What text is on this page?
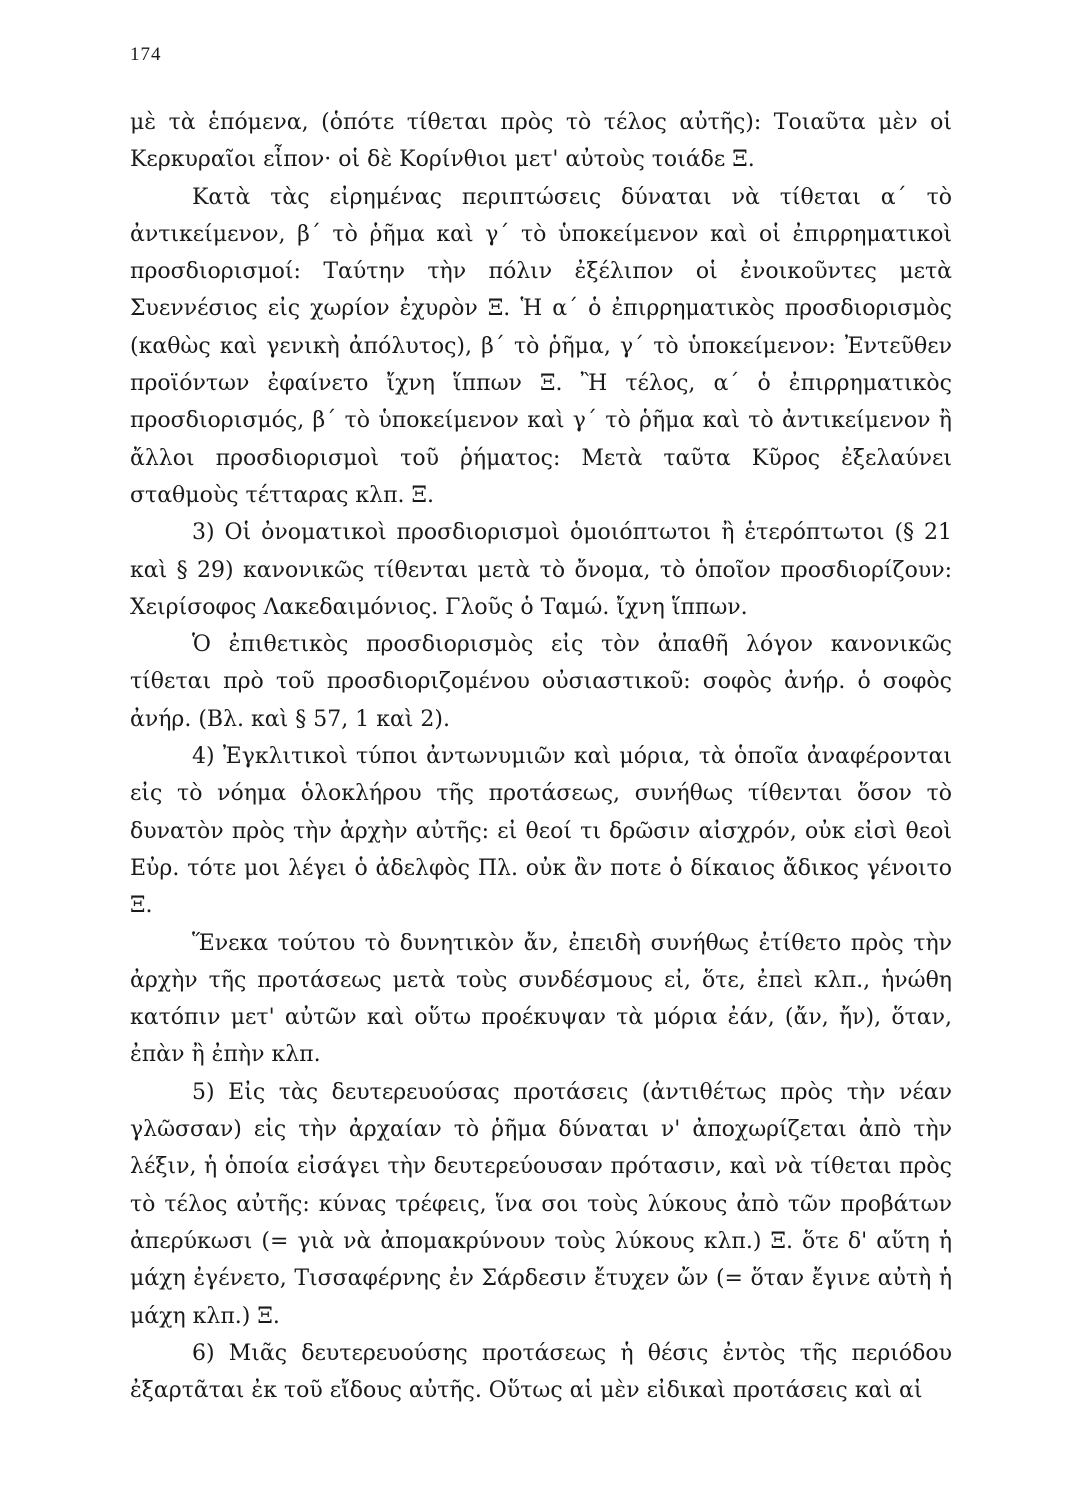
174

μὲ τὰ ἑπόμενα, (ὁπότε τίθεται πρὸς τὸ τέλος αὐτῆς): Τοιαῦτα μὲν οἱ Κερκυραῖοι εἶπον· οἱ δὲ Κορίνθιοι μετ' αὐτοὺς τοιάδε Ξ.

Κατὰ τὰς εἰρημένας περιπτώσεις δύναται νὰ τίθεται α΄ τὸ ἀντικείμενον, β΄ τὸ ῥῆμα καὶ γ΄ τὸ ὑποκείμενον καὶ οἱ ἐπιρρηματικοὶ προσδιορισμοί: Ταύτην τὴν πόλιν ἐξέλιπον οἱ ἐνοικοῦντες μετὰ Συεννέσιος εἰς χωρίον ἐχυρὸν Ξ. Ἡ α΄ ὁ ἐπιρρηματικὸς προσδιορισμὸς (καθὼς καὶ γενικὴ ἀπόλυτος), β΄ τὸ ῥῆμα, γ΄ τὸ ὑποκείμενον: Ἐντεῦθεν προϊόντων ἐφαίνετο ἴχνη ἵππων Ξ. Ἢ τέλος, α΄ ὁ ἐπιρρηματικὸς προσδιορισμός, β΄ τὸ ὑποκείμενον καὶ γ΄ τὸ ῥῆμα καὶ τὸ ἀντικείμενον ἢ ἄλλοι προσδιορισμοὶ τοῦ ῥήματος: Μετὰ ταῦτα Κῦρος ἐξελαύνει σταθμοὺς τέτταρας κλπ. Ξ.

3) Οἱ ὀνοματικοὶ προσδιορισμοὶ ὁμοιόπτωτοι ἢ ἑτερόπτωτοι (§ 21 καὶ § 29) κανονικῶς τίθενται μετὰ τὸ ὄνομα, τὸ ὁποῖον προσδιορίζουν: Χειρίσοφος Λακεδαιμόνιος. Γλοῦς ὁ Ταμώ. ἴχνη ἵππων.

Ὁ ἐπιθετικὸς προσδιορισμὸς εἰς τὸν ἀπαθῆ λόγον κανονικῶς τίθεται πρὸ τοῦ προσδιοριζομένου οὐσιαστικοῦ: σοφὸς ἀνήρ. ὁ σοφὸς ἀνήρ. (Βλ. καὶ § 57, 1 καὶ 2).

4) Ἐγκλιτικοὶ τύποι ἀντωνυμιῶν καὶ μόρια, τὰ ὁποῖα ἀναφέρονται εἰς τὸ νόημα ὁλοκλήρου τῆς προτάσεως, συνήθως τίθενται ὅσον τὸ δυνατὸν πρὸς τὴν ἀρχὴν αὐτῆς: εἰ θεοί τι δρῶσιν αἰσχρόν, οὐκ εἰσὶ θεοὶ Εὐρ. τότε μοι λέγει ὁ ἀδελφὸς Πλ. οὐκ ἂν ποτε ὁ δίκαιος ἄδικος γένοιτο Ξ.

Ἕνεκα τούτου τὸ δυνητικὸν ἄν, ἐπειδὴ συνήθως ἐτίθετο πρὸς τὴν ἀρχὴν τῆς προτάσεως μετὰ τοὺς συνδέσμους εἰ, ὅτε, ἐπεὶ κλπ., ἡνώθη κατόπιν μετ' αὐτῶν καὶ οὕτω προέκυψαν τὰ μόρια ἐάν, (ἄν, ἤν), ὅταν, ἐπὰν ἢ ἐπὴν κλπ.

5) Εἰς τὰς δευτερευούσας προτάσεις (ἀντιθέτως πρὸς τὴν νέαν γλῶσσαν) εἰς τὴν ἀρχαίαν τὸ ῥῆμα δύναται ν' ἀποχωρίζεται ἀπὸ τὴν λέξιν, ἡ ὁποία εἰσάγει τὴν δευτερεύουσαν πρότασιν, καὶ νὰ τίθεται πρὸς τὸ τέλος αὐτῆς: κύνας τρέφεις, ἵνα σοι τοὺς λύκους ἀπὸ τῶν προβάτων ἀπερύκωσι (= γιὰ νὰ ἀπομακρύνουν τοὺς λύκους κλπ.) Ξ. ὅτε δ' αὕτη ἡ μάχη ἐγένετο, Τισσαφέρνης ἐν Σάρδεσιν ἔτυχεν ὤν (= ὅταν ἔγινε αὐτὴ ἡ μάχη κλπ.) Ξ.

6) Μιᾶς δευτερευούσης προτάσεως ἡ θέσις ἐντὸς τῆς περιόδου ἐξαρτᾶται ἐκ τοῦ εἴδους αὐτῆς. Οὕτως αἱ μὲν εἰδικαὶ προτάσεις καὶ αἱ
